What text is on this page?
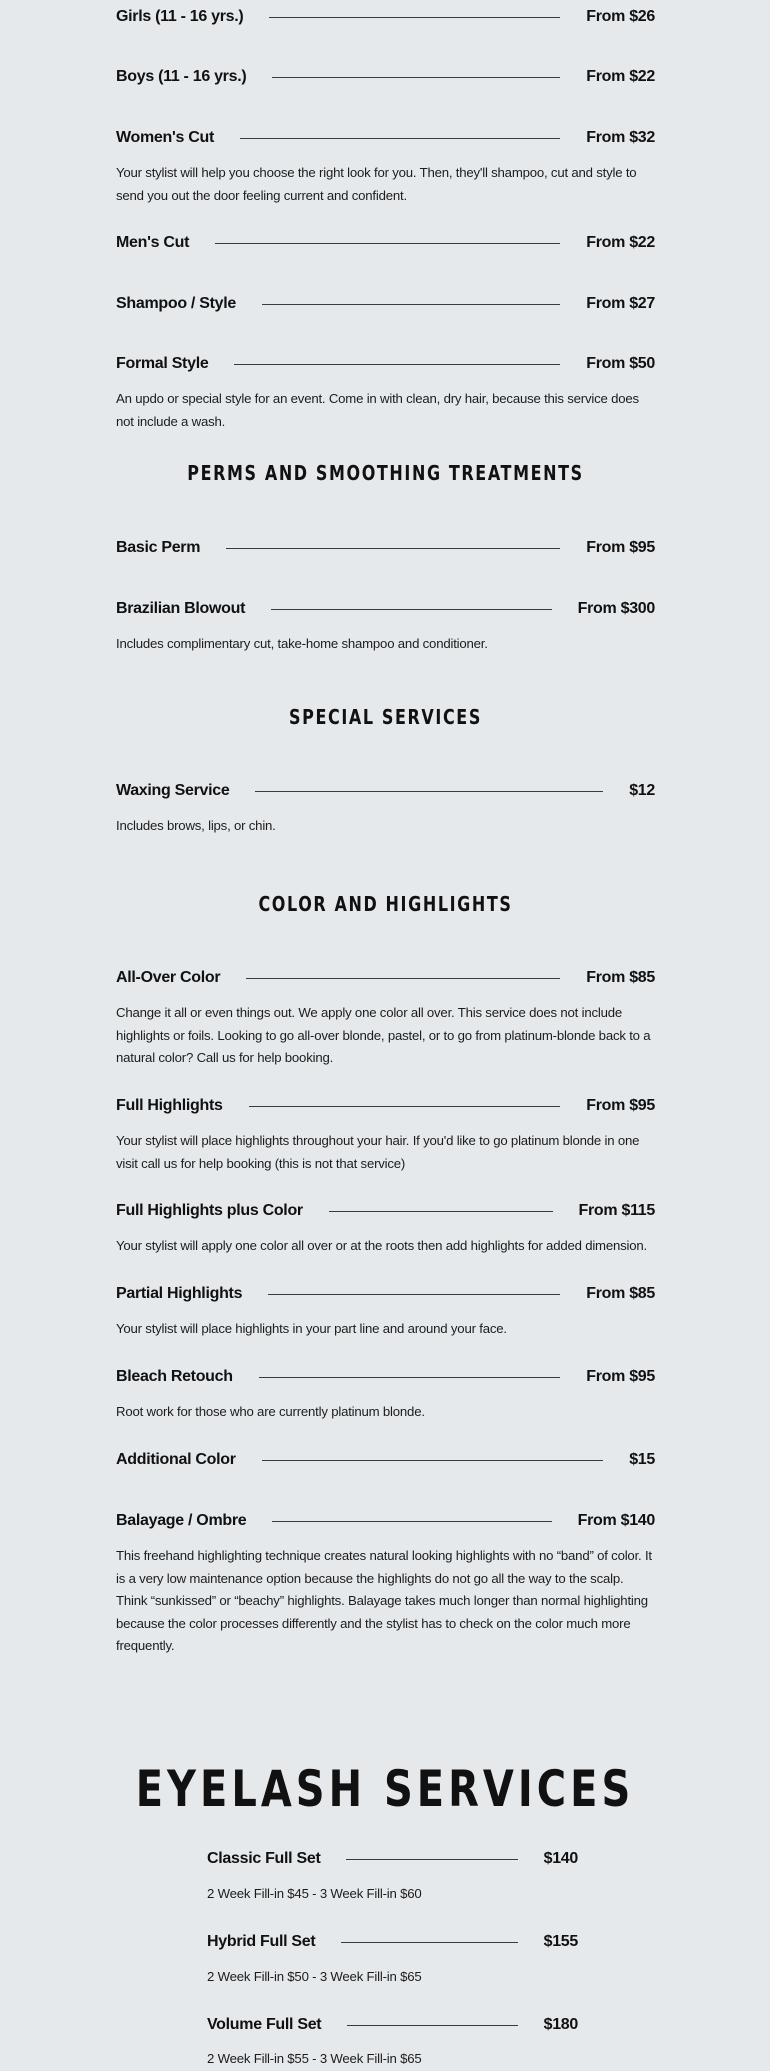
Girls (11 - 16 yrs.)	From $26
Boys (11 - 16 yrs.)	From $22
Women's Cut	From $32
Your stylist will help you choose the right look for you. Then, they'll shampoo, cut and style to send you out the door feeling current and confident.
Men's Cut	From $22
Shampoo / Style	From $27
Formal Style	From $50
An updo or special style for an event. Come in with clean, dry hair, because this service does not include a wash.
PERMS AND SMOOTHING TREATMENTS
Basic Perm	From $95
Brazilian Blowout	From $300
Includes complimentary cut, take-home shampoo and conditioner.
SPECIAL SERVICES
Waxing Service	$12
Includes brows, lips, or chin.
COLOR AND HIGHLIGHTS
All-Over Color	From $85
Change it all or even things out. We apply one color all over. This service does not include highlights or foils. Looking to go all-over blonde, pastel, or to go from platinum-blonde back to a natural color? Call us for help booking.
Full Highlights	From $95
Your stylist will place highlights throughout your hair. If you'd like to go platinum blonde in one visit call us for help booking (this is not that service)
Full Highlights plus Color	From $115
Your stylist will apply one color all over or at the roots then add highlights for added dimension.
Partial Highlights	From $85
Your stylist will place highlights in your part line and around your face.
Bleach Retouch	From $95
Root work for those who are currently platinum blonde.
Additional Color	$15
Balayage / Ombre	From $140
This freehand highlighting technique creates natural looking highlights with no “band” of color. It is a very low maintenance option because the highlights do not go all the way to the scalp. Think “sunkissed” or “beachy” highlights. Balayage takes much longer than normal highlighting because the color processes differently and the stylist has to check on the color much more frequently.
EYELASH SERVICES
Classic Full Set	$140
2 Week Fill-in $45 - 3 Week Fill-in $60
Hybrid Full Set	$155
2 Week Fill-in $50 - 3 Week Fill-in $65
Volume Full Set	$180
2 Week Fill-in $55 - 3 Week Fill-in $65
